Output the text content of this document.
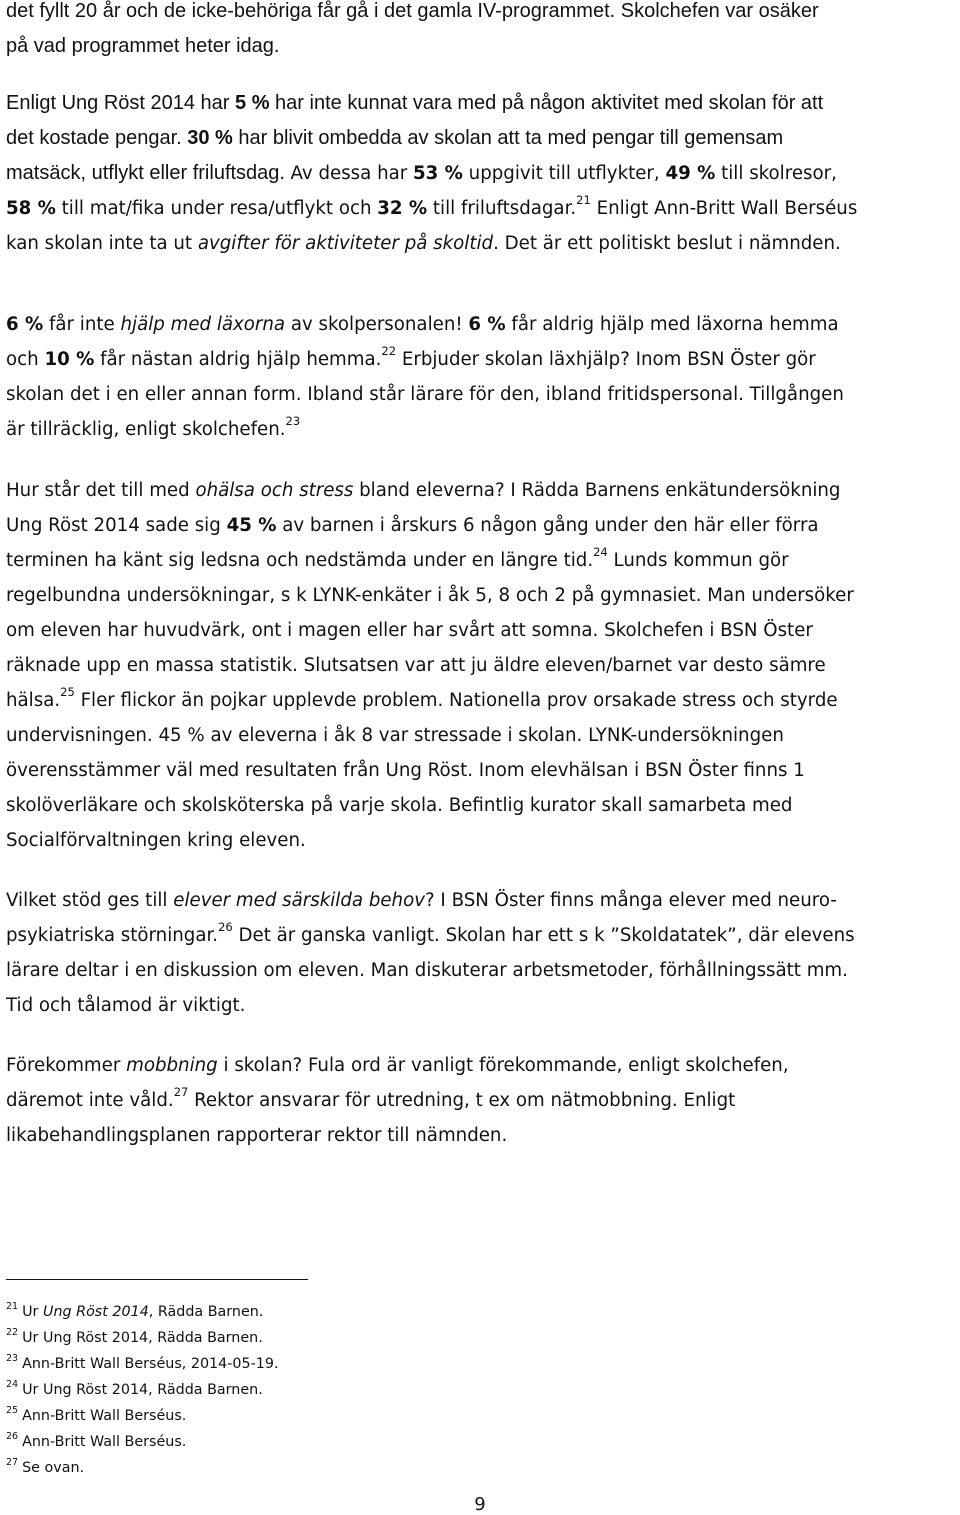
det fyllt 20 år och de icke-behöriga får gå i det gamla IV-programmet. Skolchefen var osäker
på vad programmet heter idag.

Enligt Ung Röst 2014 har 5 % har inte kunnat vara med på någon aktivitet med skolan för att
det kostade pengar. 30 % har blivit ombedda av skolan att ta med pengar till gemensam
matsäck, utflykt eller friluftsdag. Av dessa har 53 % uppgivit till utflykter, 49 % till skolresor,
58 % till mat/fika under resa/utflykt och 32 % till friluftsdagar.$^{21}$ Enligt Ann-Britt Wall Berséus
kan skolan inte ta ut avgifter för aktiviteter på skoltid. Det är ett politiskt beslut i nämnden.

6 % får inte hjälp med läxorna av skolpersonalen! 6 % får aldrig hjälp med läxorna hemma
och 10 % får nästan aldrig hjälp hemma.$^{22}$ Erbjuder skolan läxhjälp? Inom BSN Öster gör
skolan det i en eller annan form. Ibland står lärare för den, ibland fritidspersonal. Tillgången
är tillräcklig, enligt skolchefen.$^{23}$

Hur står det till med ohälsa och stress bland eleverna? I Rädda Barnens enkätundersökning
Ung Röst 2014 sade sig 45 % av barnen i årskurs 6 någon gång under den här eller förra
terminen ha känt sig ledsna och nedstämda under en längre tid.$^{24}$ Lunds kommun gör
regelbundna undersökningar, s k LYNK-enkäter i åk 5, 8 och 2 på gymnasiet. Man undersöker
om eleven har huvudvärk, ont i magen eller har svårt att somna. Skolchefen i BSN Öster
räknade upp en massa statistik. Slutsatsen var att ju äldre eleven/barnet var desto sämre
hälsa.$^{25}$ Fler flickor än pojkar upplevde problem. Nationella prov orsakade stress och styrde
undervisningen. 45 % av eleverna i åk 8 var stressade i skolan. LYNK-undersökningen
överensstämmer väl med resultaten från Ung Röst. Inom elevhälsan i BSN Öster finns 1
skolöverläkare och skolsköterska på varje skola. Befintlig kurator skall samarbeta med
Socialförvaltningen kring eleven.

Vilket stöd ges till elever med särskilda behov? I BSN Öster finns många elever med neuro-
psykiatriska störningar.$^{26}$ Det är ganska vanligt. Skolan har ett s k ”Skoldatatek”, där elevens
lärare deltar i en diskussion om eleven. Man diskuterar arbetsmetoder, förhållningssätt mm.
Tid och tålamod är viktigt.

Förekommer mobbning i skolan? Fula ord är vanligt förekommande, enligt skolchefen,
däremot inte våld.$^{27}$ Rektor ansvarar för utredning, t ex om nätmobbning. Enligt
likabehandlingsplanen rapporterar rektor till nämnden.

$^{21}$ Ur Ung Röst 2014, Rädda Barnen.
$^{22}$ Ur Ung Röst 2014, Rädda Barnen.
$^{23}$ Ann-Britt Wall Berséus, 2014-05-19.
$^{24}$ Ur Ung Röst 2014, Rädda Barnen.
$^{25}$ Ann-Britt Wall Berséus.
$^{26}$ Ann-Britt Wall Berséus.
$^{27}$ Se ovan.
9
